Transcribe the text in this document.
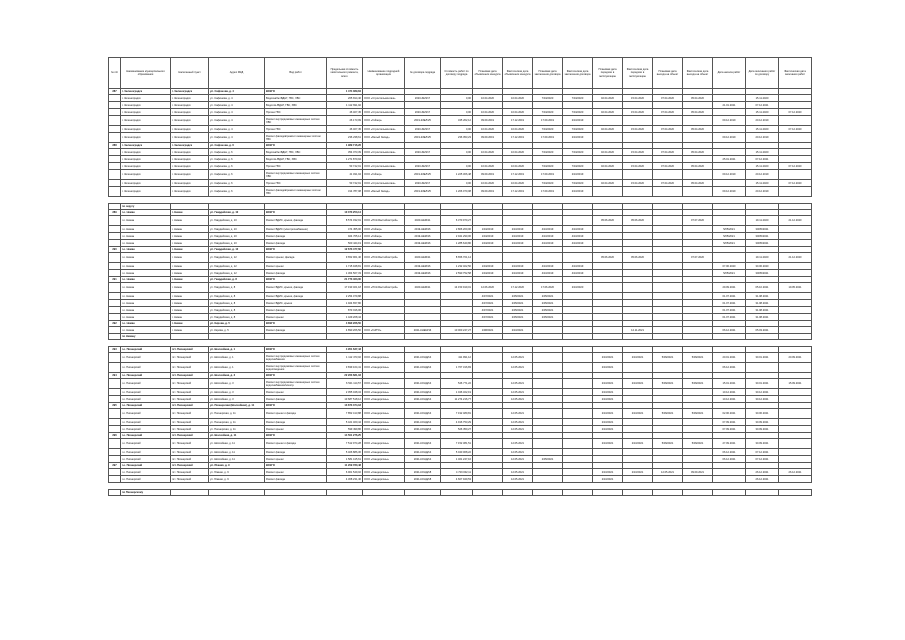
№ п/п	Наименование муниципального образования	Населенный пункт	Адрес МКД	Вид работ	Предельная стоимость капитального ремонта, всего	Наименование подрядной организации	№ договора подряда	Стоимость работ по договору подряда	Плановая дата объявления конкурса	Фактическая дата объявления конкурса	Плановая дата заключения договора	Фактическая дата заключения договора	Плановая дата передачи в эксплуатацию	Фактическая дата передачи в эксплуатацию	Плановая дата выхода на объект	Фактическая дата выхода на объект	Дата начала работ	Дата окончания работ по договору	Фактическая дата окончания работ
287	г. Зеленоградск	г. Зеленоградск	ул. Сафонова, д. 4	ВСЕГО	1 474 089,84														
	г. Зеленоградск	г. Зеленоградск	ул. Сафонова, д. 4	Водоснабж./ВДНГ, ГВС, ХВС	265 814,46	ООО «Строительмонтаж»	2020-ЗЕЛ/17	0,00	10.04.2020	10.04.2020	7/04/2020	7/04/2020	02.04.2020	15.04.2020	07.04.2020	05.04.2020		15.11.2020	
	г. Зеленоградск	г. Зеленоградск	ул. Сафонова, д. 4	Водоотв./ВДНГ, ГВС, ХВС	1 112 691,92												21.01.2021	07.12.2021	
	г. Зеленоградск	г. Зеленоградск	ул. Сафонова, д. 4	Прочее ГВС	46 407,45	ООО «Строительмонтаж»	2020-ЗЕЛ/17	0,00	10.04.2020	10.04.2020	7/04/2020	7/04/2020	02.04.2020	15.04.2020	07.04.2020	05.04.2020		15.11.2020	07.12.2020
	г. Зеленоградск	г. Зеленоградск	ул. Сафонова, д. 4	Ремонт внутридомовых инженерных систем ХВС	26 173,99	ООО «Гейзер»	2019-КЗЕЛ/25	345 262,12	09.09.2019	17.12.2019	17.09.2019	2/10/2019					09.12.2019	20.12.2019	
	г. Зеленоградск	г. Зеленоградск	ул. Сафонова, д. 4	Прочее ГВС	46 407,45	ООО «Строительмонтаж»	2020-ЗЕЛ/17	0,00	10.04.2020	10.04.2020	7/04/2020	7/04/2020	02.04.2020	15.04.2020	07.04.2020	05.04.2020		15.11.2020	07.12.2020
	г. Зеленоградск	г. Зеленоградск	ул. Сафонова, д. 4	Ремонт фасадов/ремонт инженерных систем ГВС	236 238,61	ООО «Белый Запад»	2019-КЗЕЛ/25	236 053,23	09.09.2019	17.12.2019	17.09.2019	2/10/2019					09.12.2019	20.12.2019	
288	г. Зеленоградск	г. Зеленоградск	ул. Сафонова, д. 6	ВСЕГО	1 989 716,26														
	г. Зеленоградск	г. Зеленоградск	ул. Сафонова, д. 6	Водоснабж./ВДНГ, ГВС, ХВС	354 073,39	ООО «Строительмонтаж»	2020-ЗЕЛ/17	0,00	10.04.2020	10.04.2020	7/04/2020	7/04/2020	02.04.2020	15.04.2020	07.04.2020	05.04.2020		15.11.2020	
	г. Зеленоградск	г. Зеленоградск	ул. Сафонова, д. 6	Водоотв./ВДНГ, ГВС, ХВС	1 271 870,94												25.01.2021	07.12.2021	
	г. Зеленоградск	г. Зеленоградск	ул. Сафонова, д. 6	Прочее ГВС	53 742,91	ООО «Строительмонтаж»	2020-ЗЕЛ/17	0,00	10.04.2020	10.04.2020	7/04/2020	7/04/2020	02.04.2020	15.04.2020	07.04.2020	05.04.2020		15.11.2020	07.12.2020
	г. Зеленоградск	г. Зеленоградск	ул. Сафонова, д. 6	Ремонт внутридомовых инженерных систем ХВС	41 491,94	ООО «Гейзер»	2019-КЗЕЛ/25	1 225 306,48	09.09.2019	17.12.2019	17.09.2019	2/10/2019					09.12.2019	20.12.2019	
	г. Зеленоградск	г. Зеленоградск	ул. Сафонова, д. 6	Прочее ГВС	53 742,91	ООО «Строительмонтаж»	2020-ЗЕЛ/17	0,00	10.04.2020	10.04.2020	7/04/2020	7/04/2020	02.04.2020	15.04.2020	07.04.2020	05.04.2020		15.11.2020	07.12.2020
	г. Зеленоградск	г. Зеленоградск	ул. Сафонова, д. 6	Ремонт фасадов/ремонт инженерных систем ГВС	314 787,08	ООО «Белый Запад»	2019-КЗЕЛ/25	1 206 070,08	09.09.2019	17.12.2019	17.09.2019	2/10/2019					09.12.2019	20.12.2019	

	по округу																		
289	г.о. Неман	г. Неман	ул. Гвардейская, д. 10	ВСЕГО	10 073 253,14														
	г.о. Неман	г. Неман	ул. Гвардейская, д. 10	Ремонт ВДИС, крыши, фасада	8 574 032,91	ООО «ПСК-Балтийскстрой»	2020-НЕМ/11	6 370 970,27					05.06.2020	05.06.2020		07.07.2020		19.11.2020	21.12.2020
	г.о. Неман	г. Неман	ул. Гвардейская, д. 10	Ремонт ВДИС (электроснабжение)	474 455,00	ООО «Гейзер»	2019-НЕМ/16	2 806 200,00	1/04/2019	2/10/2019	4/10/2019	4/10/2019					5/05/2021	30/05/2021	
	г.о. Неман	г. Неман	ул. Гвардейская, д. 10	Ремонт фасада	924 765,14	ООО «Гейзер»	2019-НЕМ/16	2 941 290,06	1/04/2019	2/10/2019	4/10/2019	4/10/2019					5/05/2021	30/05/2021	
	г.о. Неман	г. Неман	ул. Гвардейская, д. 10	Ремонт фасада	500 444,19	ООО «Гейзер»	2019-НЕМ/16	1 285 640,80	1/04/2019	2/10/2019	4/10/2019	4/10/2019					5/05/2021	30/05/2021	
290	г.о. Неман	г. Неман	ул. Гвардейская, д. 12	ВСЕГО	12 673 477,60														
	г.о. Неман	г. Неман	ул. Гвардейская, д. 12	Ремонт крыши, фасада	9 652 961,46	ООО «ПСК-Балтийскстрой»	2020-НЕМ/11	8 656 701,14					05.06.2020	05.06.2020		07.07.2020		19.11.2020	21.12.2020
	г.о. Неман	г. Неман	ул. Гвардейская, д. 12	Ремонт крыши	1 715 948,81	ООО «Гейзер»	2019-НЕМ/16	1 232 402,50	1/04/2019	2/10/2019	4/10/2019	4/10/2019					07.06.2020	30.06.2020	
	г.о. Неман	г. Неман	ул. Гвардейская, д. 12	Ремонт фасада	1 304 567,33	ООО «Гейзер»	2019-НЕМ/16	2 590 752,58	1/04/2019	2/10/2019	4/10/2019	4/10/2019					5/05/2021	30/05/2021	
291	г.о. Неман	г. Неман	ул. Гвардейская, д. 8	ВСЕГО	21 773 463,00														
	г.о. Неман	г. Неман	ул. Гвардейская, д. 8	Ремонт ВДИС, крыши, фасада	17 193 401,18	ООО «ПСК-Балтийскстрой»	2020-НЕМ/11	14 153 919,01	12.06.2020	17.12.2020	17.06.2020	2/10/2020					29.09.2021	05.10.2021	19.05.2021
	г.о. Неман	г. Неман	ул. Гвардейская, д. 8	Ремонт ВДИС, крыши, фасада	2 254 079,88				4/07/2021	2/05/2021	2/05/2021						01.07.2021	31.08.2021	
	г.о. Неман	г. Неман	ул. Гвардейская, д. 8	Ремонт ВДИС, крыши	1 924 657,80				4/07/2021	2/05/2021	2/05/2021						01.07.2021	31.08.2021	
	г.о. Неман	г. Неман	ул. Гвардейская, д. 8	Ремонт фасада	873 016,06				4/07/2021	2/05/2021	2/05/2021						01.07.2021	31.08.2021	
	г.о. Неман	г. Неман	ул. Гвардейская, д. 8	Ремонт крыши	1 429 208,44				4/07/2021	2/05/2021	2/05/2021						01.07.2021	31.08.2021	
292	г.о. Неман	г. Неман	ул. Кирова, д. 5	ВСЕГО	4 890 266,50														
	г.о. Неман	г. Неман	ул. Кирова, д. 5	Ремонт фасада	4 890 266,50	ООО «ГеРГО»	2021-КНЕМ/16	10 000 247,27	1/08/2021	2/10/2021				14.11.2021			06.12.2021	05.03.2021	
	по Неману																		

293	г.о. Пионерский	пгт. Пионерский	ул. Шоссейная, д. 1	ВСЕГО	4 951 637,43														
	г.о. Пионерский	пгт. Пионерский	ул. Шоссейная, д. 1	Ремонт внутридомовых инженерных систем водоснабжения	1 112 473,02	ООО «Сандерсоны»	2021-КОНД/14	411 991,12		12.05.2021			2/10/2021	2/10/2021	5/09/2021	5/09/2021	20.01.2021	30.01.2021	20.09.2021
	г.о. Пионерский	пгт. Пионерский	ул. Шоссейная, д. 1	Ремонт внутридомовых инженерных систем водоотведения	3 839 164,41	ООО «Сандерсоны»	2021-КОНД/14	1 767 316,83		12.05.2021			2/10/2021				06.12.2021		
294	г.о. Пионерский	пгт. Пионерский	ул. Шоссейная, д. 3	ВСЕГО	22 263 681,03														
	г.о. Пионерский	пгт. Пионерский	ул. Шоссейная, д. 3	Ремонт внутридомовых инженерных систем водоснабжения/электр.	6 521 114,57	ООО «Сандерсоны»	2021-КОНД/14	546 771,22		12.05.2021			2/10/2021	2/10/2021	5/09/2021	5/09/2021	15.01.2021	30.01.2021	15.09.2021
	г.о. Пионерский	пгт. Пионерский	ул. Шоссейная, д. 3	Ремонт крыши	2 055 048,34	ООО «Сандерсоны»	2021-КОНД/14	1 046 322,19		12.05.2021			2/10/2021				10.12.2021	30.12.2021	
	г.о. Пионерский	пгт. Пионерский	ул. Шоссейная, д. 3	Ремонт фасада	13 687 518,12	ООО «Сандерсоны»	2021-КОНД/14	11 274 216,77		12.05.2021			2/10/2021				10.12.2021	30.12.2021	
295	г.о. Пионерский	пгт. Пионерский	ул. Пионерская (Шоссейная), д. 11	ВСЕГО	13 873 374,18														
	г.о. Пионерский	пгт. Пионерский	ул. Пионерская, д. 11	Ремонт крыши и фасада	7 852 413,88	ООО «Сандерсоны»	2021-КОНД/14	7 192 489,81		12.05.2021			2/10/2021	2/10/2021	5/09/2021	5/09/2021	02.06.2021	30.06.2021	
	г.о. Пионерский	пгт. Пионерский	ул. Пионерская, д. 11	Ремонт фасада	5 421 460,44	ООО «Сандерсоны»	2021-КОНД/14	4 916 753,29		12.05.2021			2/10/2021				07.09.2021	30.09.2021	
	г.о. Пионерский	пгт. Пионерский	ул. Пионерская, д. 11	Ремонт крыши	599 499,86	ООО «Сандерсоны»	2021-КОНД/14	526 350,27		12.05.2021			2/10/2021				07.09.2021	30.09.2021	
296	г.о. Пионерский	пгт. Пионерский	ул. Шоссейная, д. 11	ВСЕГО	14 501 276,25														
	г.о. Пионерский	пгт. Пионерский	ул. Шоссейная, д. 11	Ремонт крыши и фасада	7 512 974,28	ООО «Сандерсоны»	2021-КОНД/14	7 152 381,51		12.05.2021			2/10/2021	2/10/2021	5/09/2021	5/09/2021	27.09.2021	30.09.2021	
	г.о. Пионерский	пгт. Пионерский	ул. Шоссейная, д. 11	Ремонт фасада	5 406 886,36	ООО «Сандерсоны»	2021-КОНД/14	5 040 068,22		12.05.2021							06.12.2021	07.12.2021	
	г.о. Пионерский	пгт. Пионерский	ул. Шоссейная, д. 11	Ремонт крыши	1 581 415,61	ООО «Сандерсоны»	2021-КОНД/14	1 461 247,16		12.05.2021	2/05/2021						06.12.2021	07.12.2021	
297	г.о. Пионерский	пгт. Пионерский	ул. Южная, д. 9	ВСЕГО	11 209 780,48														
	г.о. Пионерский	пгт. Пионерский	ул. Южная, д. 9	Ремонт крыши	6 901 549,02	ООО «Сандерсоны»	2021-КОНД/18	4 729 002,11		12.05.2021			2/10/2021	2/10/2021	12.05.2021	09.09.2021		26.12.2021	26.12.2021
	г.о. Пионерский	пгт. Пионерский	ул. Южная, д. 9	Ремонт фасада	4 308 231,46	ООО «Сандерсоны»	2021-КОНД/18	4 607 949,53		12.05.2021			2/10/2021					26.12.2021	

	по Пионерскому																		
